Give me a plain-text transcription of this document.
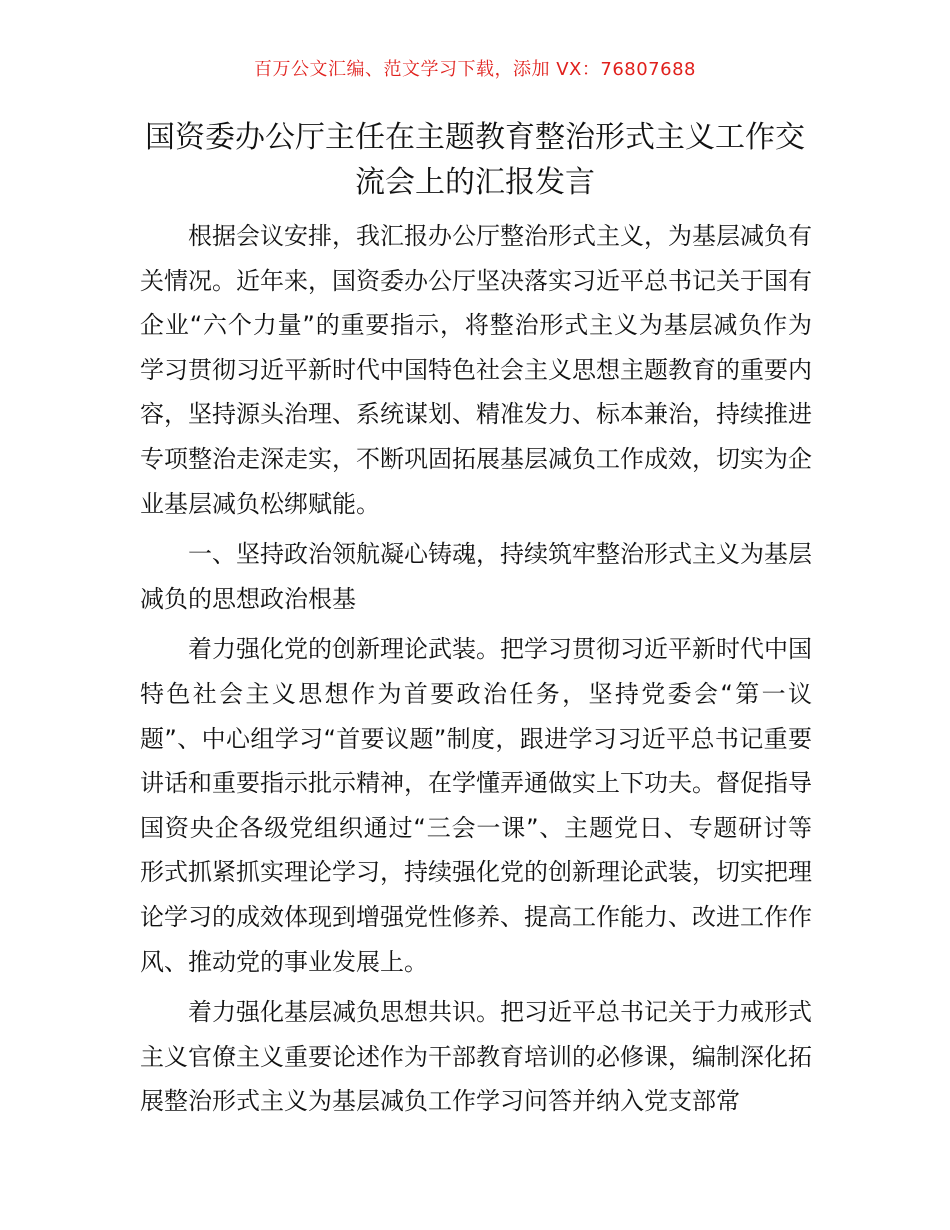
百万公文汇编、范文学习下载，添加 VX：76807688
国资委办公厅主任在主题教育整治形式主义工作交流会上的汇报发言

根据会议安排，我汇报办公厅整治形式主义，为基层减负有关情况。近年来，国资委办公厅坚决落实习近平总书记关于国有企业“六个力量”的重要指示，将整治形式主义为基层减负作为学习贯彻习近平新时代中国特色社会主义思想主题教育的重要内容，坚持源头治理、系统谋划、精准发力、标本兼治，持续推进专项整治走深走实，不断巩固拓展基层减负工作成效，切实为企业基层减负松绑赋能。

一、坚持政治领航凝心铸魂，持续筑牢整治形式主义为基层减负的思想政治根基

着力强化党的创新理论武装。把学习贯彻习近平新时代中国特色社会主义思想作为首要政治任务，坚持党委会“第一议题”、中心组学习“首要议题”制度，跟进学习习近平总书记重要讲话和重要指示批示精神，在学懂弄通做实上下功夫。督促指导国资央企各级党组织通过“三会一课”、主题党日、专题研讨等形式抓紧抓实理论学习，持续强化党的创新理论武装，切实把理论学习的成效体现到增强党性修养、提高工作能力、改进工作作风、推动党的事业发展上。

着力强化基层减负思想共识。把习近平总书记关于力戒形式主义官僚主义重要论述作为干部教育培训的必修课，编制深化拓展整治形式主义为基层减负工作学习问答并纳入党支部常
